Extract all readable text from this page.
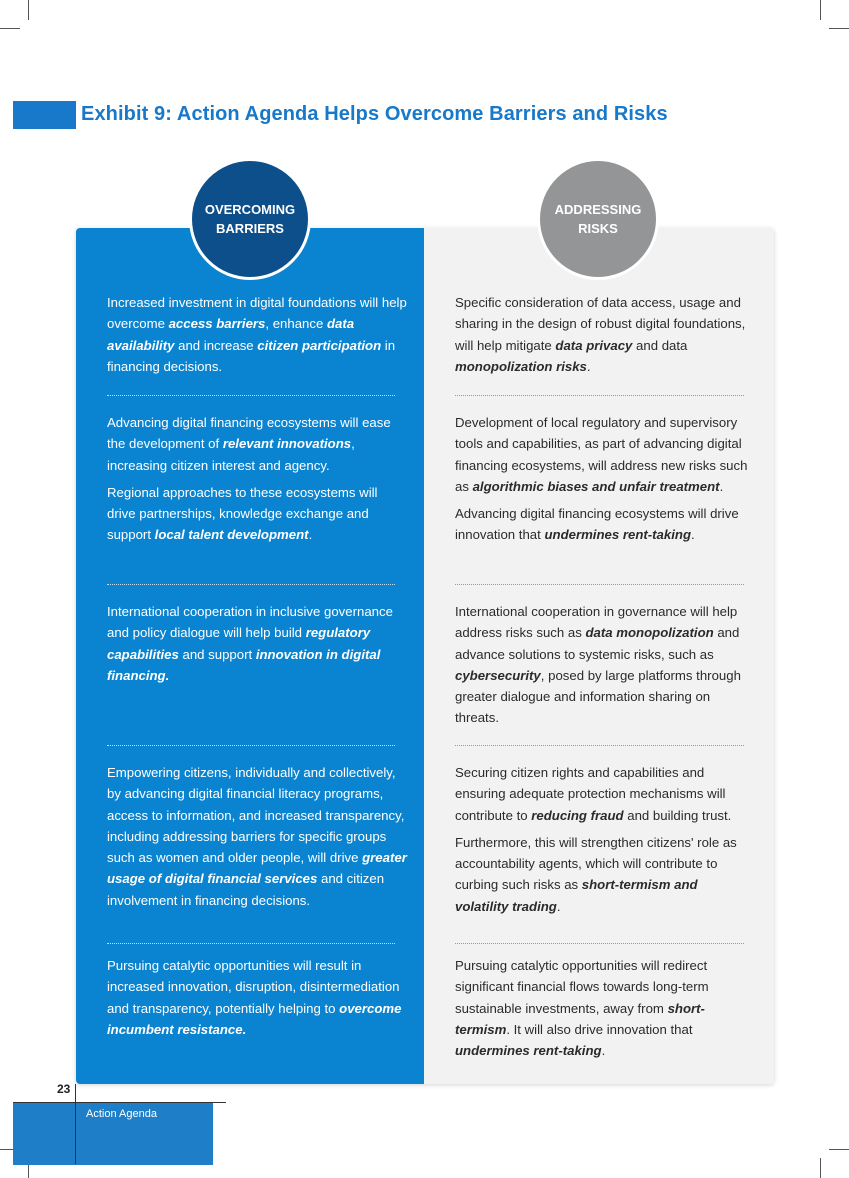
Exhibit 9: Action Agenda Helps Overcome Barriers and Risks
OVERCOMING
BARRIERS
ADDRESSING
RISKS

Increased investment in digital foundations will help overcome access barriers, enhance data availability and increase citizen participation in financing decisions.

Advancing digital financing ecosystems will ease the development of relevant innovations, increasing citizen interest and agency.

Regional approaches to these ecosystems will drive partnerships, knowledge exchange and support local talent development.

International cooperation in inclusive governance and policy dialogue will help build regulatory capabilities and support innovation in digital financing.

Empowering citizens, individually and collectively, by advancing digital financial literacy programs, access to information, and increased transparency, including addressing barriers for specific groups such as women and older people, will drive greater usage of digital financial services and citizen involvement in financing decisions.

Pursuing catalytic opportunities will result in increased innovation, disruption, disintermediation and transparency, potentially helping to overcome incumbent resistance.

Specific consideration of data access, usage and sharing in the design of robust digital foundations, will help mitigate data privacy and data monopolization risks.

Development of local regulatory and supervisory tools and capabilities, as part of advancing digital financing ecosystems, will address new risks such as algorithmic biases and unfair treatment.

Advancing digital financing ecosystems will drive innovation that undermines rent-taking.

International cooperation in governance will help address risks such as data monopolization and advance solutions to systemic risks, such as cybersecurity, posed by large platforms through greater dialogue and information sharing on threats.

Securing citizen rights and capabilities and ensuring adequate protection mechanisms will contribute to reducing fraud and building trust.

Furthermore, this will strengthen citizens' role as accountability agents, which will contribute to curbing such risks as short-termism and volatility trading.

Pursuing catalytic opportunities will redirect significant financial flows towards long-term sustainable investments, away from short-termism. It will also drive innovation that undermines rent-taking.

23
Action Agenda
